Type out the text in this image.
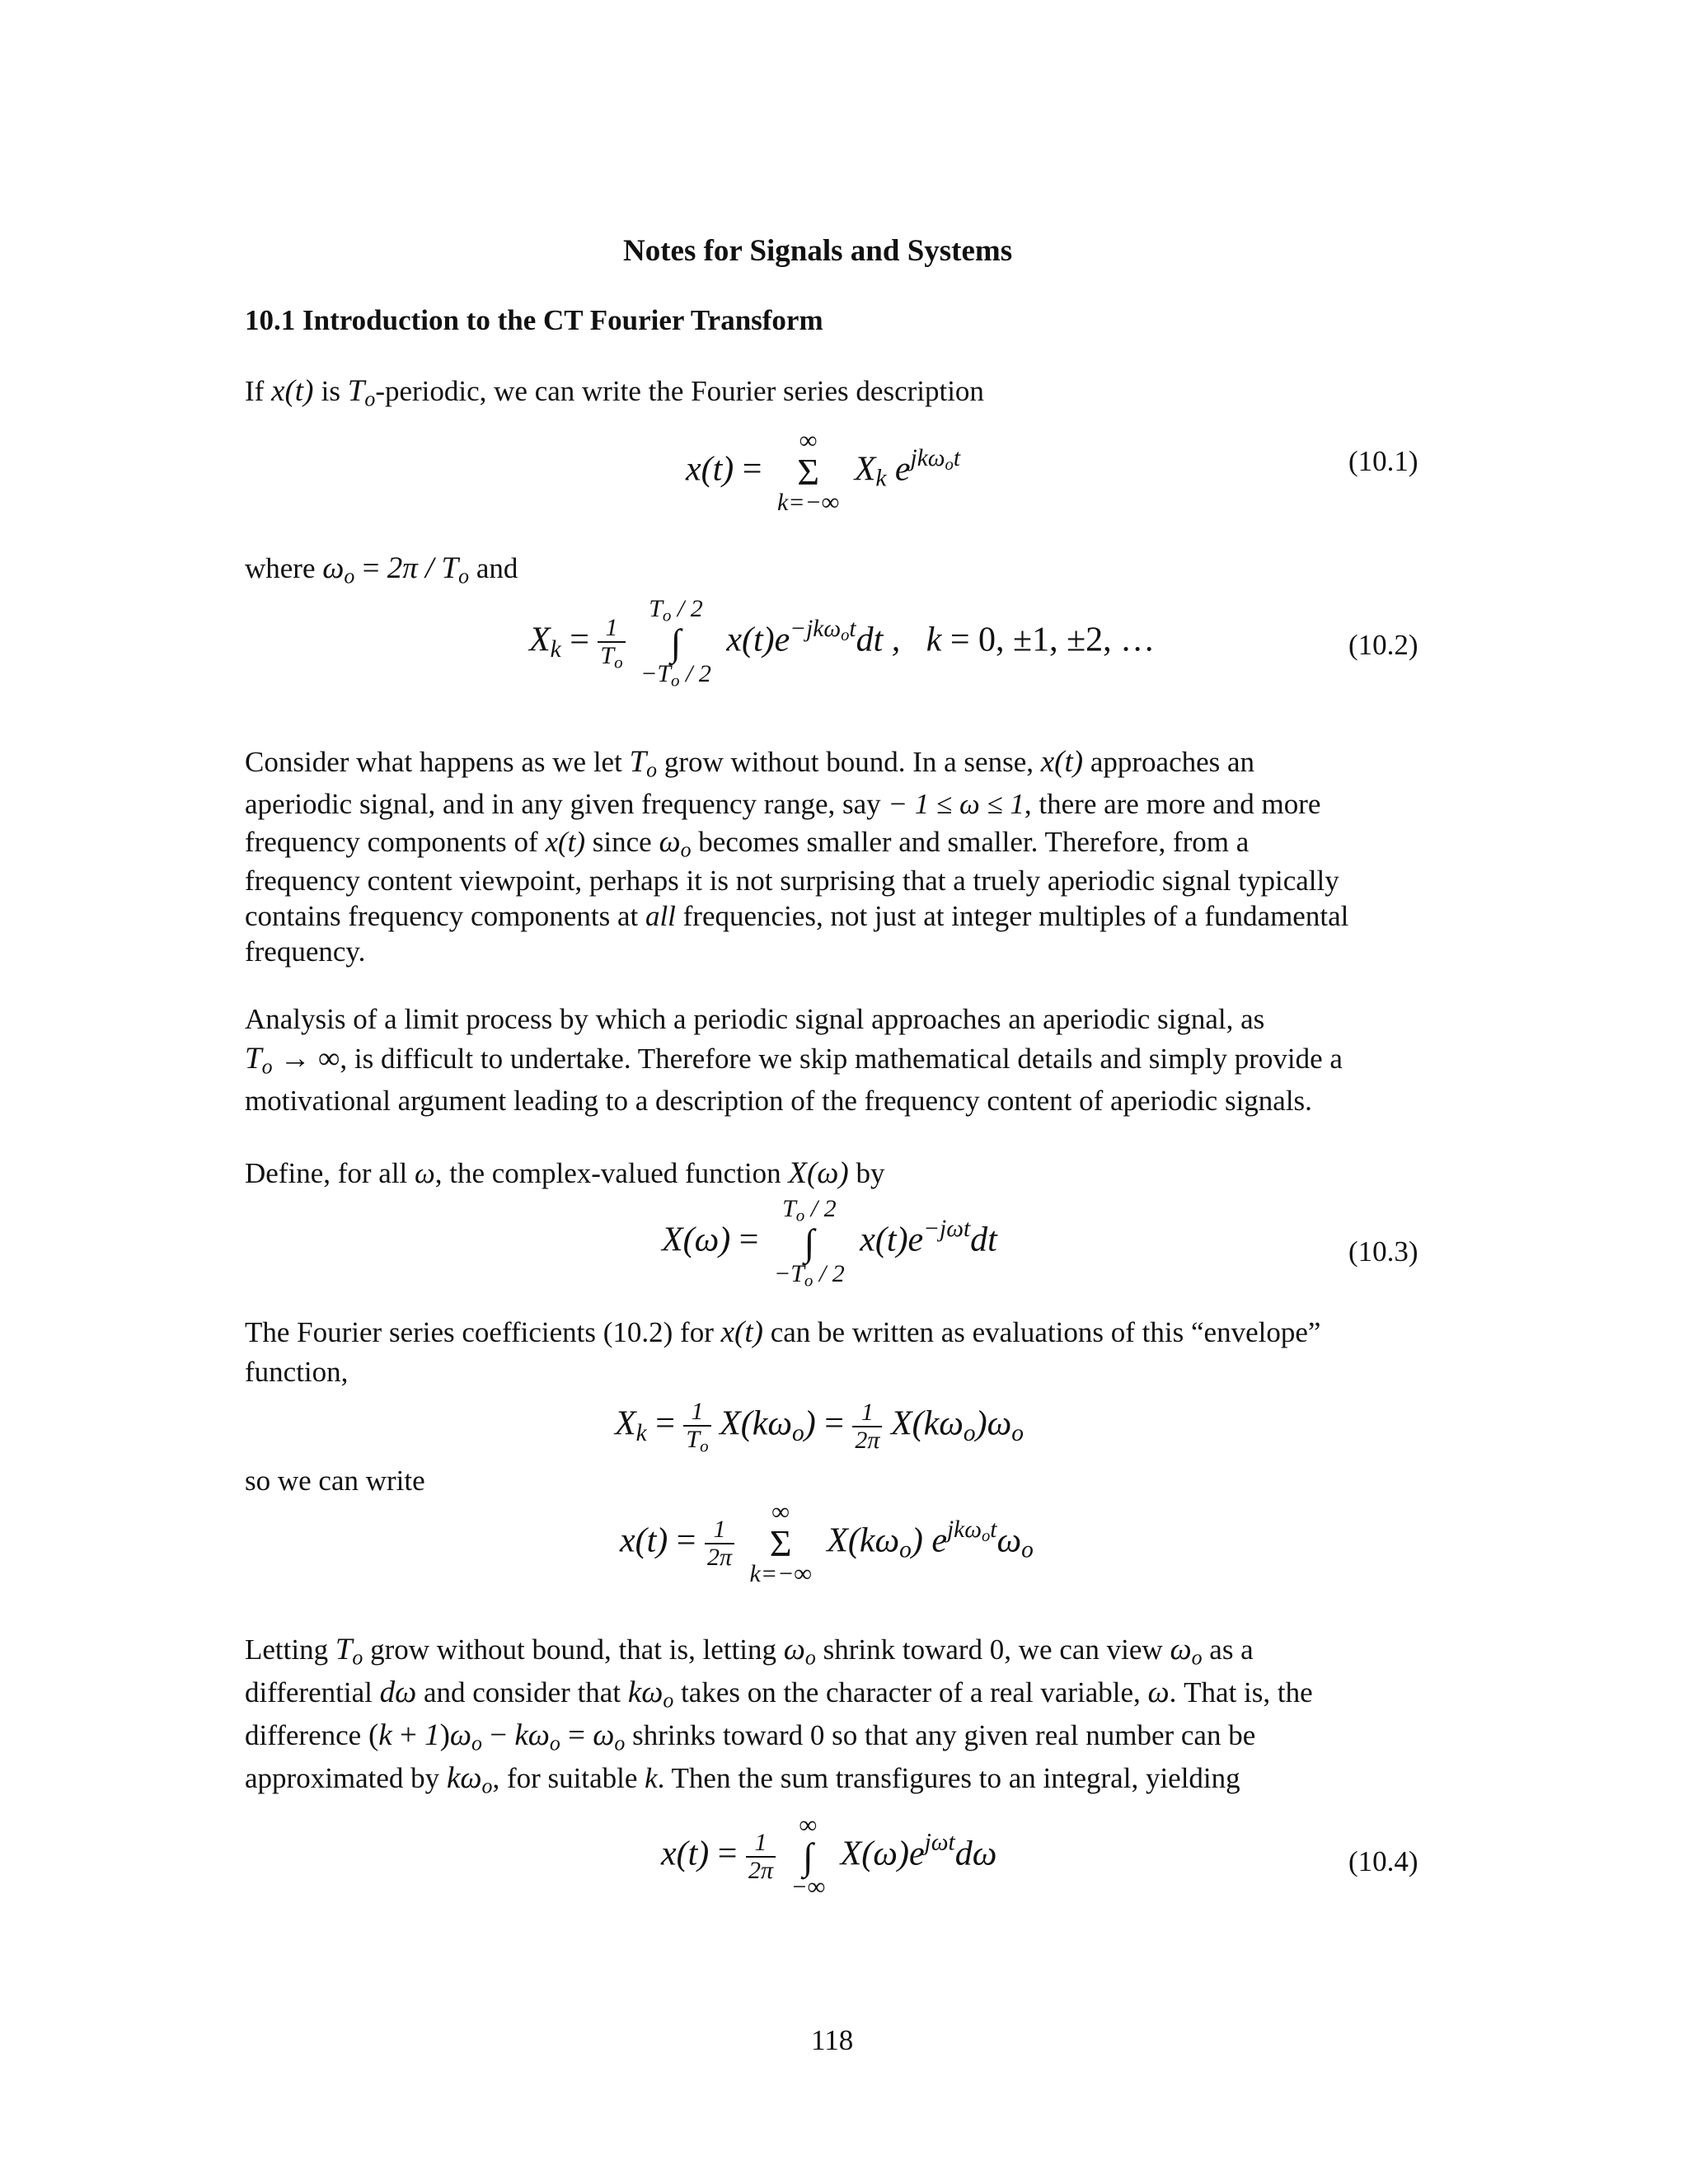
Notes for Signals and Systems
10.1 Introduction to the CT Fourier Transform
If x(t) is $T_o$-periodic, we can write the Fourier series description
x(t) =
∞
Σ
k=−∞
$X_k$ $e^{jk\omega_ot}$	(10.1)
where $\omega_o = 2\pi / T_o$ and
$X_k = \frac{1}{T_o}$

$T_o / 2$
∫
$-T_o / 2$
$x(t)e^{-jk\omega_ot}dt$ ,   k = 0, ±1, ±2, …	(10.2)
Consider what happens as we let $T_o$ grow without bound. In a sense, x(t) approaches an
aperiodic signal, and in any given frequency range, say − 1 ≤ ω ≤ 1, there are more and more
frequency components of x(t) since $\omega_o$ becomes smaller and smaller. Therefore, from a
frequency content viewpoint, perhaps it is not surprising that a truely aperiodic signal typically
contains frequency components at all frequencies, not just at integer multiples of a fundamental
frequency.
Analysis of a limit process by which a periodic signal approaches an aperiodic signal, as
$T_o$ → ∞, is difficult to undertake. Therefore we skip mathematical details and simply provide a
motivational argument leading to a description of the frequency content of aperiodic signals.
Define, for all ω, the complex-valued function X(ω) by
X(ω) =
$T_o / 2$
∫
$-T_o / 2$
$x(t)e^{-j\omega t}dt$	(10.3)
The Fourier series coefficients (10.2) for x(t) can be written as evaluations of this “envelope”
function,
$X_k = \frac{1}{T_o} X(k\omega_o) = \frac{1}{2\pi} X(k\omega_o)\omega_o$
so we can write
$x(t) = \frac{1}{2\pi}$

∞
Σ
k=−∞
$X(k\omega_o)$ $e^{jk\omega_ot}\omega_o$
Letting $T_o$ grow without bound, that is, letting $\omega_o$ shrink toward 0, we can view $\omega_o$ as a
differential dω and consider that $k\omega_o$ takes on the character of a real variable, ω. That is, the
difference $(k + 1)\omega_o - k\omega_o = \omega_o$ shrinks toward 0 so that any given real number can be
approximated by $k\omega_o$, for suitable k. Then the sum transfigures to an integral, yielding
$x(t) = \frac{1}{2\pi}$

∞
∫
−∞
$X(\omega)e^{j\omega t}d\omega$	(10.4)
118
